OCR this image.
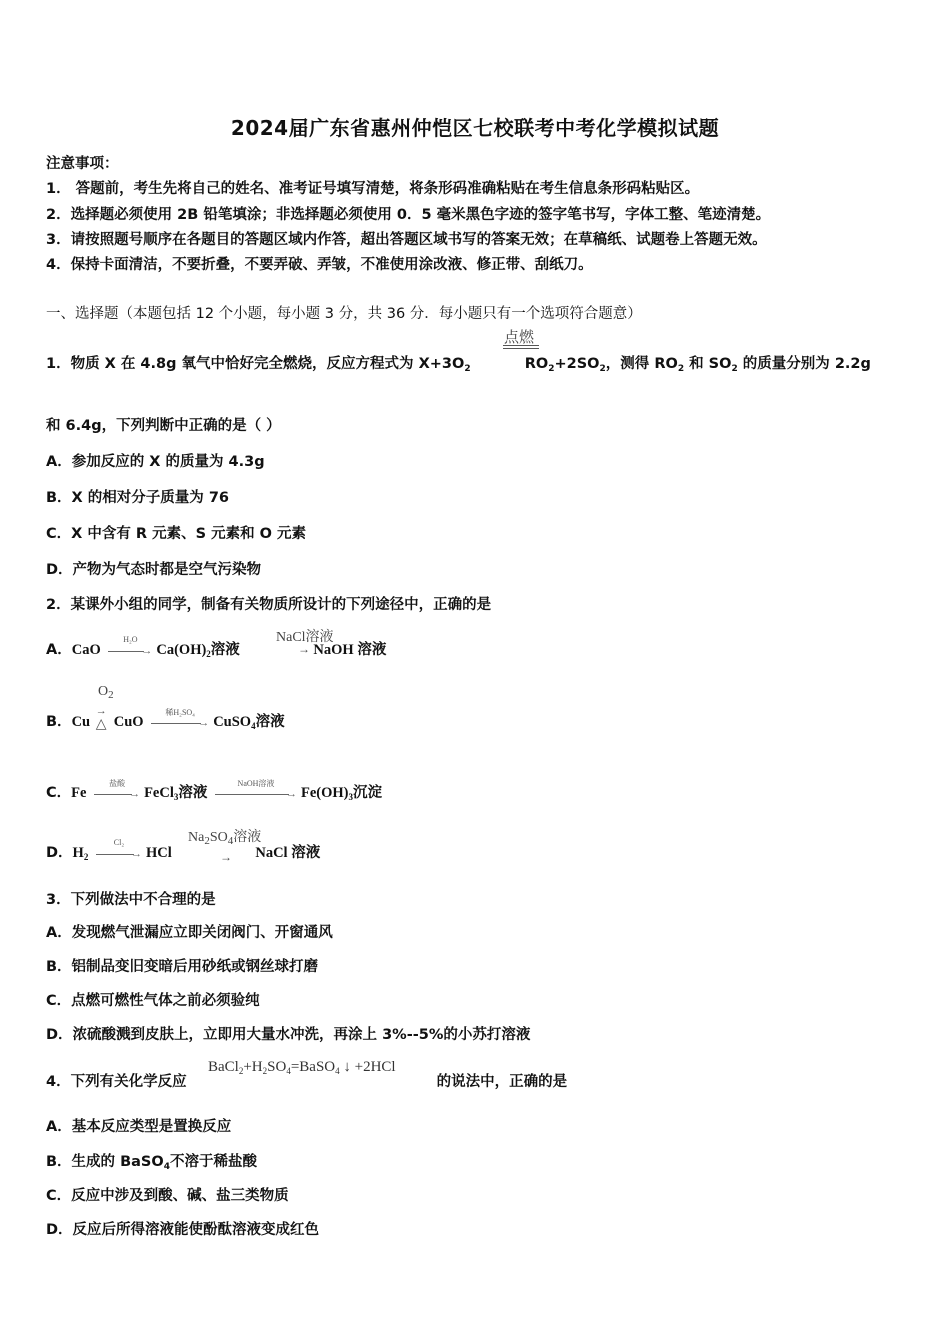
2024届广东省惠州仲恺区七校联考中考化学模拟试题
注意事项：
1． 答题前，考生先将自己的姓名、准考证号填写清楚，将条形码准确粘贴在考生信息条形码粘贴区。
2．选择题必须使用 2B 铅笔填涂；非选择题必须使用 0．5 毫米黑色字迹的签字笔书写，字体工整、笔迹清楚。
3．请按照题号顺序在各题目的答题区域内作答，超出答题区域书写的答案无效；在草稿纸、试题卷上答题无效。
4．保持卡面清洁，不要折叠，不要弄破、弄皱，不准使用涂改液、修正带、刮纸刀。
一、选择题（本题包括 12 个小题，每小题 3 分，共 36 分．每小题只有一个选项符合题意）
1．物质 X 在 4.8g 氧气中恰好完全燃烧，反应方程式为 $X+3O_2$	$RO_2+2SO_2$，测得 $RO_2$ 和 $SO_2$ 的质量分别为 2.2g
点燃
和 6.4g，下列判断中正确的是（ ）
A．参加反应的 X 的质量为 4.3g
B．X 的相对分子质量为 76
C．X 中含有 R 元素、S 元素和 O 元素
D．产物为气态时都是空气污染物
2．某课外小组的同学，制备有关物质所设计的下列途径中，正确的是
A．CaO
H₂O
→ $Ca(OH)_2$溶液	NaOH 溶液
NaCl溶液
→
$O_2$
B．Cu
→
△ CuO
稀H₂SO₄
→ CuSO$_4$溶液
C．Fe
盐酸
→ FeCl$_3$溶液
NaOH溶液
→ $Fe(OH)_3$沉淀
D．$H_2$
Cl₂
→ HCl	NaCl 溶液
$Na_2SO_4$溶液
→
3．下列做法中不合理的是
A．发现燃气泄漏应立即关闭阀门、开窗通风
B．铝制品变旧变暗后用砂纸或钢丝球打磨
C．点燃可燃性气体之前必须验纯
D．浓硫酸溅到皮肤上，立即用大量水冲洗，再涂上 3%--5%的小苏打溶液
4．下列有关化学反应	的说法中，正确的是
$BaCl_2+H_2SO_4=BaSO_4$ ↓ +2HCl
A．基本反应类型是置换反应
B．生成的 BaSO$_4$不溶于稀盐酸
C．反应中涉及到酸、碱、盐三类物质
D．反应后所得溶液能使酚酞溶液变成红色
